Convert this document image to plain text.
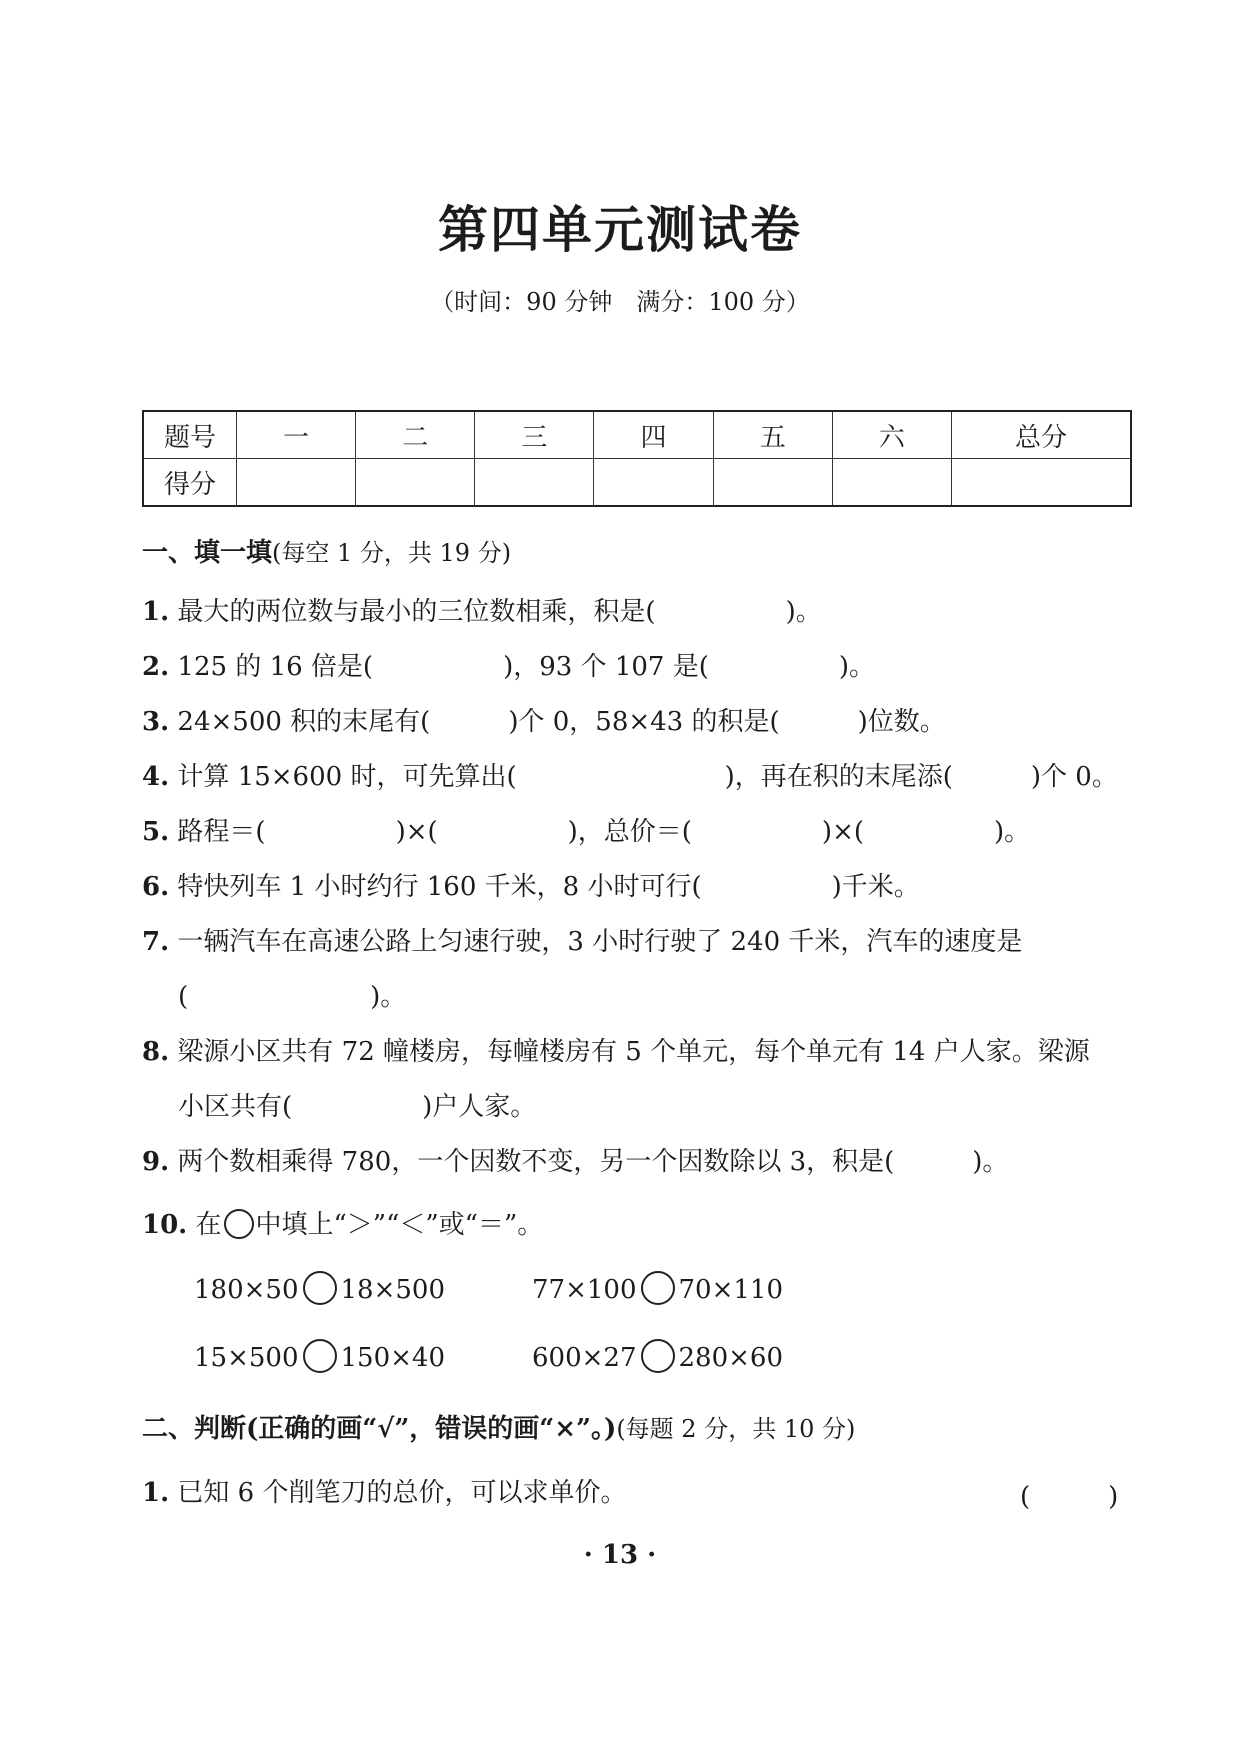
第四单元测试卷
（时间：90 分钟　满分：100 分）
题号	一	二	三	四	五	六	总分
得分							
一、填一填(每空 1 分，共 19 分)
1. 最大的两位数与最小的三位数相乘，积是(　　　　　)。
2. 125 的 16 倍是(　　　　　)，93 个 107 是(　　　　　)。
3. 24×500 积的末尾有(　　　)个 0，58×43 的积是(　　　)位数。
4. 计算 15×600 时，可先算出(　　　　　　　　)，再在积的末尾添(　　　)个 0。
5. 路程＝(　　　　　)×(　　　　　)，总价＝(　　　　　)×(　　　　　)。
6. 特快列车 1 小时约行 160 千米，8 小时可行(　　　　　)千米。
7. 一辆汽车在高速公路上匀速行驶，3 小时行驶了 240 千米，汽车的速度是
(　　　　　　　)。
8. 梁源小区共有 72 幢楼房，每幢楼房有 5 个单元，每个单元有 14 户人家。梁源
小区共有(　　　　　)户人家。
9. 两个数相乘得 780，一个因数不变，另一个因数除以 3，积是(　　　)。
10. 在 中填上“＞”“＜”或“＝”。
180×50 18×500	77×100 70×110
15×500 150×40	600×27 280×60
二、判断(正确的画“√”，错误的画“×”。)(每题 2 分，共 10 分)
1. 已知 6 个削笔刀的总价，可以求单价。	(　　　)
· 13 ·
